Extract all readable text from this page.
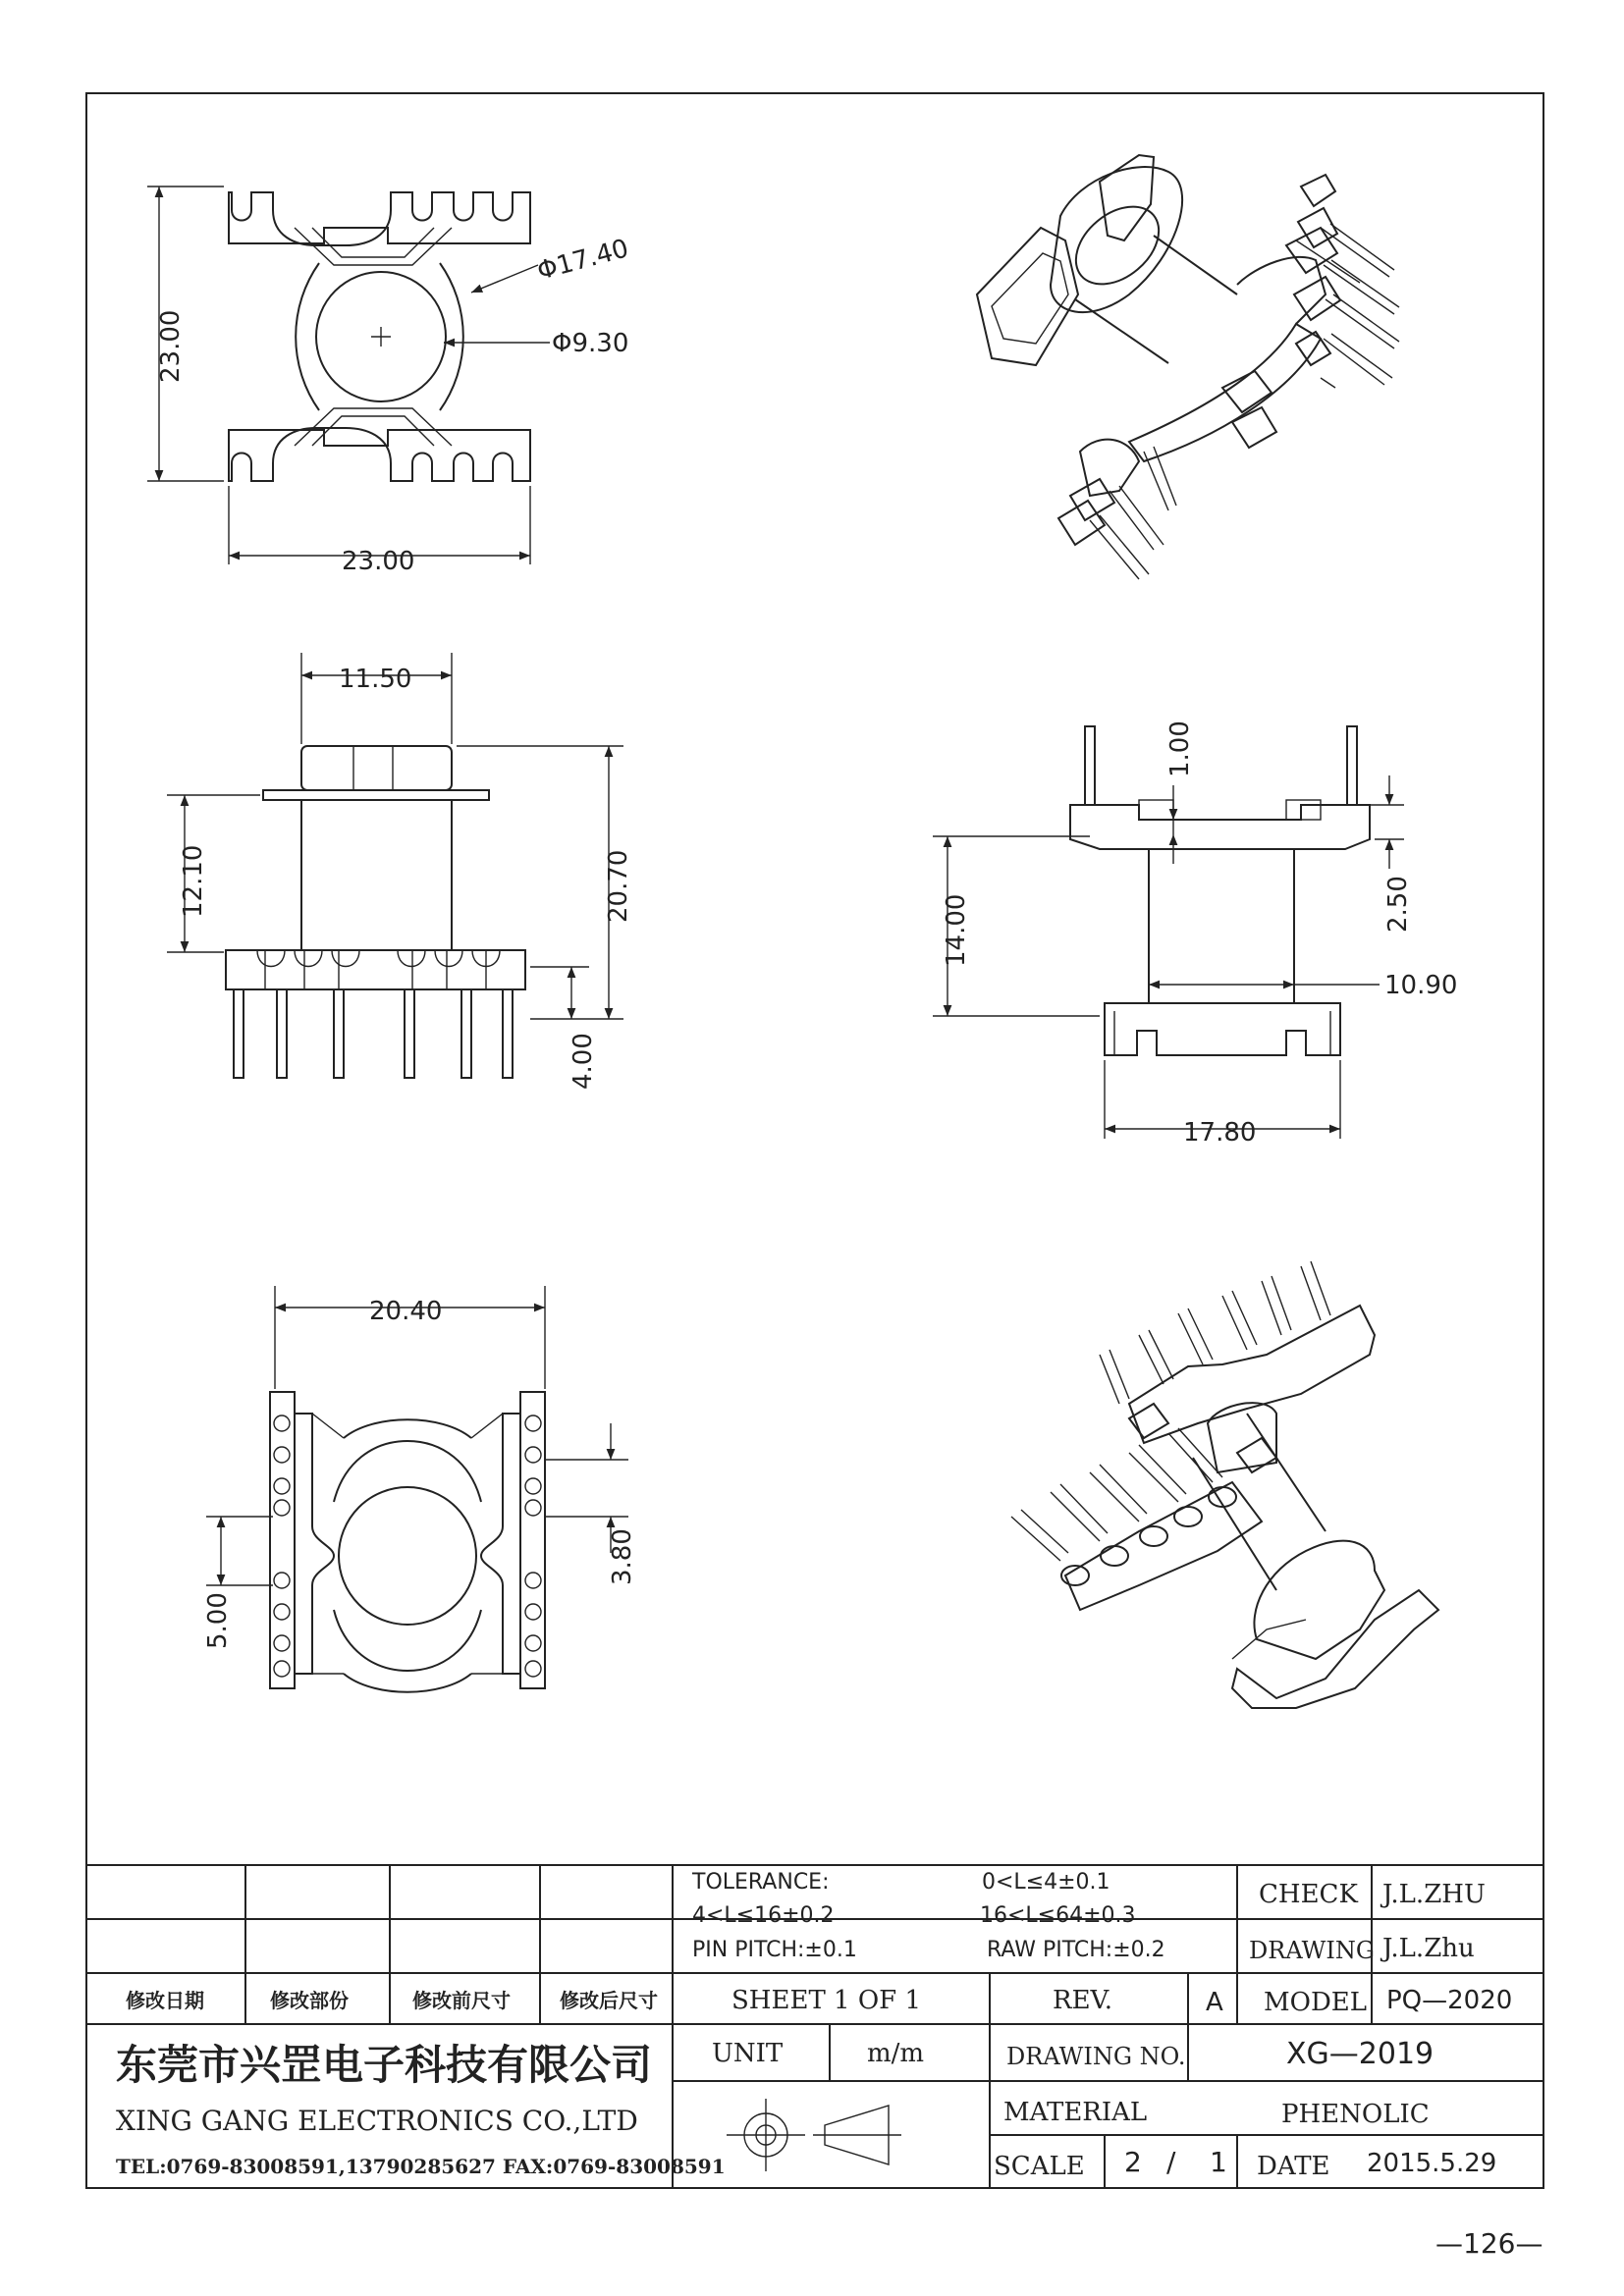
Φ17.40
Φ9.30
23.00
23.00
11.50
12.10	20.70
4.00
1.00
14.00	2.50
10.90
17.80
20.40
3.80
5.00
TOLERANCE:	0<L≤4±0.1
4<L≤16±0.2	16<L≤64±0.3
PIN PITCH:±0.1	RAW PITCH:±0.2
CHECK J.L.ZHU
DRAWING J.L.Zhu
修改日期	修改部份	修改前尺寸	修改后尺寸	SHEET 1 OF 1	REV.	A MODEL PQ—2020
东莞市兴罡电子科技有限公司
XING GANG ELECTRONICS CO.,LTD
TEL:0769-83008591,13790285627 FAX:0769-83008591
UNIT	m/m	DRAWING NO.	XG—2019
MATERIAL	PHENOLIC
SCALE 2 / 1 DATE 2015.5.29
—126—
